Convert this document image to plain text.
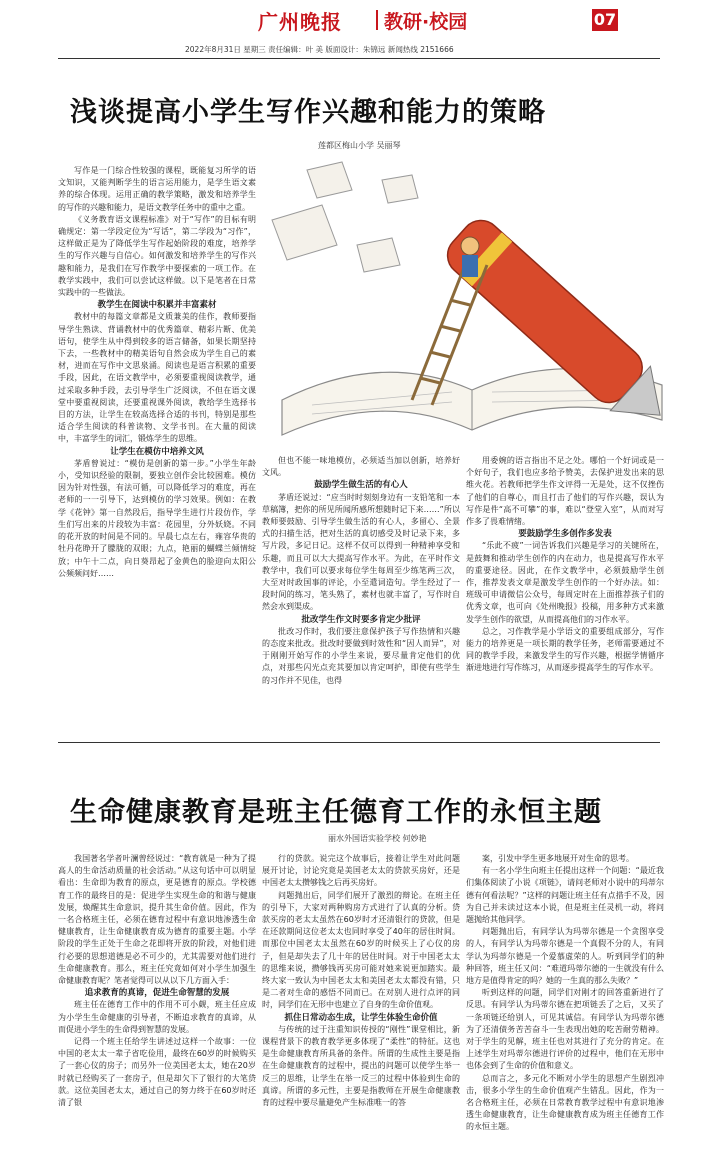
广州晚报 教研·校园	07
2022年8月31日 星期三 责任编辑：叶 美 版面设计：朱锦远 新闻热线 2151666
浅谈提高小学生写作兴趣和能力的策略
莲都区梅山小学 吴丽琴

写作是一门综合性较强的课程，既能复习所学的语文知识，又能判断学生的语言运用能力，是学生语文素养的综合体现。运用正确的教学策略，激发和培养学生的写作的兴趣和能力，是语文教学任务中的重中之重。

《义务教育语文课程标准》对于“写作”的目标有明确规定：第一学段定位为“写话”，第二学段为“习作”，这样做正是为了降低学生写作起始阶段的难度，培养学生的写作兴趣与自信心。如何激发和培养学生的写作兴趣和能力，是我们在写作教学中要探索的一项工作。在教学实践中，我们可以尝试这样做。以下是笔者在日常实践中的一些做法。

教学生在阅读中积累并丰富素材

教材中的每篇文章都是文质兼美的佳作，教师要指导学生熟读、背诵教材中的优秀篇章、精彩片断、优美语句，使学生从中得到较多的语言储备，如果长期坚持下去，一些教材中的精美语句自然会成为学生自己的素材，进而在写作中文思泉涌。阅读也是语言积累的重要手段，因此，在语文教学中，必须要重视阅读教学，通过采取多种手段，去引导学生广泛阅读，不但在语文课堂中要重视阅读，还要重视课外阅读，教给学生选择书目的方法，让学生在较高选择合适的书刊，特别是那些适合学生阅读的科普读物、文学书刊。在大量的阅读中，丰富学生的词汇，锻炼学生的思维。

让学生在模仿中培养文风

茅盾曾说过：“模仿是创新的第一步。”小学生年龄小，受知识经验的限制，要独立创作会比较困难。模仿因为针对性强，有法可循，可以降低学习的难度，再在老师的一一引导下，达到模仿的学习效果。例如：在教学《花钟》第一自然段后，指导学生进行片段仿作，学生们写出来的片段较为丰富：花园里，分外妖娆。不同的花开放的时间是不同的。早晨七点左右，雍容华贵的牡丹花睁开了朦胧的双眼；九点，艳丽的蝴蝶兰倾情绽放；中午十二点，向日葵昂起了金黄色的脸迎向太阳公公频频问好……

但也不能一味地模仿，必须适当加以创新，培养好文风。

鼓励学生做生活的有心人

茅盾还说过：“应当时时刻刻身边有一支铅笔和一本草稿簿，把你的所见所闻所感所想随时记下来……”所以教师要鼓励、引导学生做生活的有心人，多留心、全景式的扫描生活，把对生活的真切感受及时记录下来，多写片段，多记日记。这样不仅可以得到一种精神享受和乐趣，而且可以大大提高写作水平。为此，在平时作文教学中，我们可以要求每位学生每周至少练笔两三次，大至对时政国事的评论，小至遣词造句。学生经过了一段时间的练习，笔头熟了，素材也就丰富了，写作时自然会水到渠成。

批改学生作文时要多肯定少批评

批改习作时，我们要注意保护孩子写作热情和兴趣的态度来批改。批改时要做到时效性和“因人而异”，对于刚刚开始写作的小学生来说，要尽量肯定他们的优点，对那些闪光点充其要加以肯定呵护，即使有些学生的习作并不见佳，也得

用委婉的语言指出不足之处。哪怕一个好词或是一个好句子，我们也应多给予赞美，去保护进发出来的思维火花。若教师把学生作文评得一无是处，这不仅挫伤了他们的自尊心，而且打击了他们的写作兴趣，误认为写作是件“高不可攀”的事，难以“登堂入室”，从而对写作多了畏难情绪。

要鼓励学生多创作多发表

“乐此不疲”一词告诉我们兴趣是学习的关键所在，是鼓舞和推动学生创作的内在动力，也是提高写作水平的重要途径。因此，在作文教学中，必须鼓励学生创作，推荐发表文章是激发学生创作的一个好办法。如：班级可申请微信公众号，每周定时在上面推荐孩子们的优秀文章，也可向《处州晚报》投稿，用多种方式来激发学生创作的欲望，从而提高他们的习作水平。

总之，习作教学是小学语文的重要组成部分，写作能力的培养更是一项长期的教学任务，老师需要通过不同的教学手段，来激发学生的写作兴趣，根据学情循序渐进地进行写作练习，从而逐步提高学生的写作水平。

生命健康教育是班主任德育工作的永恒主题
丽水外国语实验学校 何妙艳

我国著名学者叶澜曾经说过：“教育就是一种为了提高人的生命活动质量的社会活动。”从这句话中可以明显看出：生命即为教育的原点，更是德育的原点。学校德育工作的最终目的是：促进学生实现生命的和谐与健康发展，焕醒其生命意识，提升其生命价值。因此，作为一名合格班主任，必须在德育过程中有意识地渗透生命健康教育，让生命健康教育成为德育的重要主题。小学阶段的学生正处于生命之花即将开放的阶段，对他们进行必要的思想道德是必不可少的，尤其需要对他们进行生命健康教育。那么，班主任究竟如何对小学生加强生命健康教育呢？笔者觉得可以从以下几方面入手：

追求教育的真谛，促进生命智慧的发展

班主任在德育工作中的作用不可小觑，班主任应成为小学生生命健康的引导者，不断追求教育的真谛，从而促进小学生的生命得到智慧的发展。

记得一个班主任给学生讲述过这样一个故事：一位中国的老太太一辈子省吃俭用，最终在60岁的时候购买了一套心仪的房子；而另外一位美国老太太，她在20岁时就已经购买了一套房子，但是却欠下了银行的大笔贷款。这位美国老太太，通过自己的努力终于在60岁时还清了银

行的贷款。说完这个故事后，接着让学生对此问题展开讨论，讨论究竟是美国老太太的贷款买房好，还是中国老太太攒够钱之后再买房好。

问题抛出后，同学们展开了激烈的辩论。在班主任的引导下，大家对两种购房方式进行了认真的分析。贷款买房的老太太虽然在60岁时才还清银行的贷款，但是在还款期间这位老太太也同时享受了40年的居住时间。而那位中国老太太虽然在60岁的时候买上了心仪的房子，但是却失去了几十年的居住时间。对于中国老太太的思维来说，攒够钱再买房可能对她来说更加踏实。最终大家一致认为中国老太太和美国老太太都没有错，只是二者对生命的感悟不同而已。在对别人进行点评的同时，同学们在无形中也建立了自身的生命价值观。

抓住日常动态生成，让学生体验生命价值

与传统的过于注重知识传授的“刚性”课堂相比，新课程背景下的教育教学更多体现了“柔性”的特征。这也是生命健康教育所具备的条件。所谓的生成性主要是指在生命健康教育的过程中，提出的问题可以使学生举一反三的思维，让学生在举一反三的过程中体验到生命的真谛。所谓的多元性，主要是指教师在开展生命健康教育的过程中要尽量避免产生标准唯一的答

案，引发中学生更多地展开对生命的思考。

有一名小学生向班主任提出这样一个问题：“最近我们集体阅读了小说《项链》，请问老师对小说中的玛蒂尔德有何看法呢？”这样的问题让班主任有点措手不及，因为自己并未读过这本小说，但是班主任灵机一动，将问题抛给其他同学。

问题抛出后，有同学认为玛蒂尔德是一个贪图享受的人，有同学认为玛蒂尔德是一个真假不分的人，有同学认为玛蒂尔德是一个爱慕虚荣的人。听到同学们的种种回答，班主任又问：“难道玛蒂尔德的一生就没有什么地方是值得肯定的吗？她的一生真的那么失败？”

听到这样的问题，同学们对刚才的回答重新进行了反思。有同学认为玛蒂尔德在把项链丢了之后，又买了一条项链还给别人，可见其诚信。有同学认为玛蒂尔德为了还清债务苦苦奋斗一生表现出她的吃苦耐劳精神。对于学生的见解，班主任也对其进行了充分的肯定。在上述学生对玛蒂尔德进行评价的过程中，他们在无形中也体会到了生命的价值和意义。

总而言之，多元化不断对小学生的思想产生剧烈冲击，很多小学生的生命价值观产生错乱。因此，作为一名合格班主任，必须在日常教育教学过程中有意识地渗透生命健康教育，让生命健康教育成为班主任德育工作的永恒主题。
